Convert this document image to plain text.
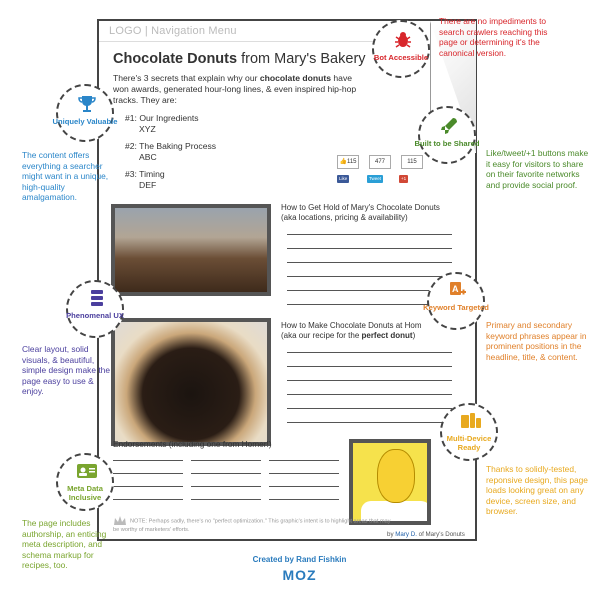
LOGO | Navigation Menu
Chocolate Donuts from Mary's Bakery
There's 3 secrets that explain why our chocolate donuts have won awards, generated hour-long lines, & even inspired hip-hop tracks. They are:
#1: Our Ingredients
XYZ
#2: The Baking Process
ABC
#3: Timing
DEF
👍115	477	115
Like	Tweet	+1
How to Get Hold of Mary's Chocolate Donuts
(aka locations, pricing & availability)
How to Make Chocolate Donuts at Hom
(aka our recipe for the perfect donut)
Endorsements (including one from Homer!)
NOTE: Perhaps sadly, there's no "perfect optimization." This graphic's intent is to highlight areas that may be worthy of marketers' efforts.
by Mary D. of Mary's Donuts
Bot Accessible
There are no impediments to search crawlers reaching this page or determining it's the canonical version.
Built to be Shared
Like/tweet/+1 buttons make it easy for visitors to share on their favorite networks and provide social proof.
Uniquely Valuable
The content offers everything a searcher might want in a unique, high-quality amalgamation.
Phenomenal UX
Clear layout, solid visuals, & beautiful, simple design make the page easy to use & enjoy.
A
Keyword Targeted
Primary and secondary keyword phrases appear in prominent positions in the headline, title, & content.
Multi-Device Ready
Thanks to solidly-tested, reponsive design, this page loads looking great on any device, screen size, and browser.
Meta Data Inclusive
The page includes authorship, an enticing meta description, and schema markup for recipes, too.
Created by Rand Fishkin
MOZ
